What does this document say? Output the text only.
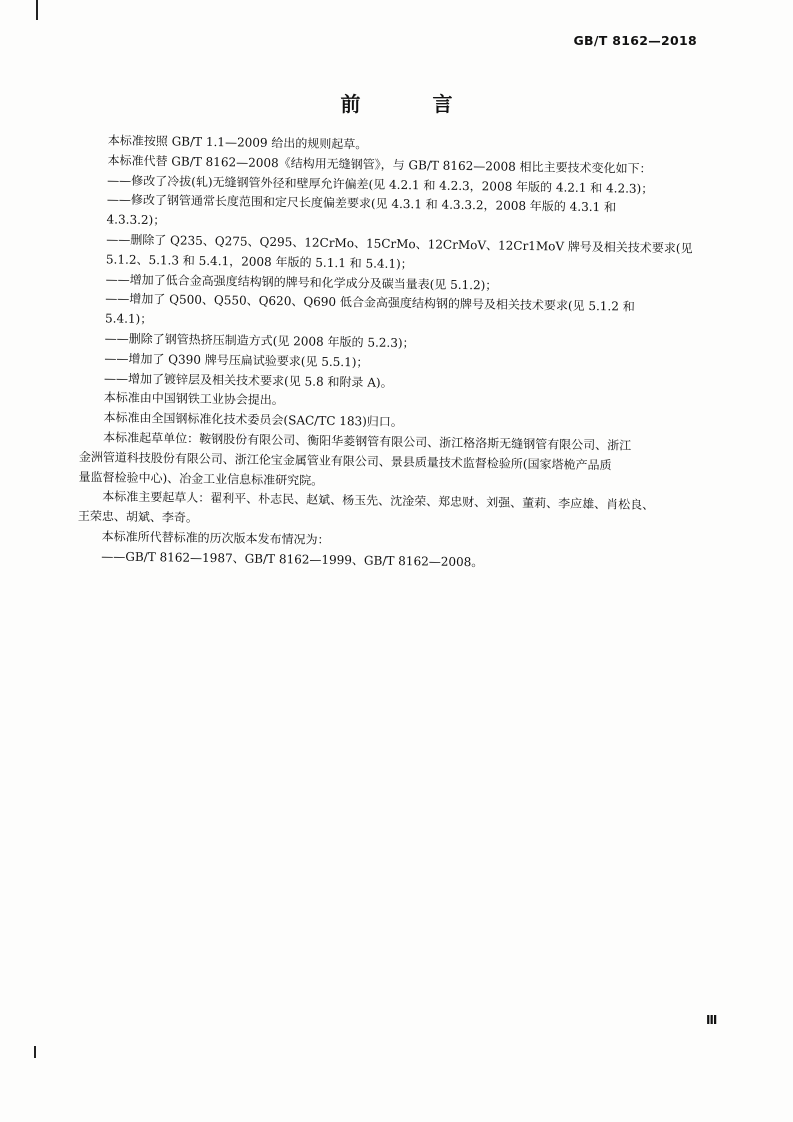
GB/T 8162—2018
前　言

本标准按照 GB/T 1.1—2009 给出的规则起草。

本标准代替 GB/T 8162—2008《结构用无缝钢管》，与 GB/T 8162—2008 相比主要技术变化如下：

——修改了冷拔(轧)无缝钢管外径和壁厚允许偏差(见 4.2.1 和 4.2.3，2008 年版的 4.2.1 和 4.2.3)；

——修改了钢管通常长度范围和定尺长度偏差要求(见 4.3.1 和 4.3.3.2，2008 年版的 4.3.1 和

4.3.3.2)；

——删除了 Q235、Q275、Q295、12CrMo、15CrMo、12CrMoV、12Cr1MoV 牌号及相关技术要求(见

5.1.2、5.1.3 和 5.4.1，2008 年版的 5.1.1 和 5.4.1)；

——增加了低合金高强度结构钢的牌号和化学成分及碳当量表(见 5.1.2)；

——增加了 Q500、Q550、Q620、Q690 低合金高强度结构钢的牌号及相关技术要求(见 5.1.2 和

5.4.1)；

——删除了钢管热挤压制造方式(见 2008 年版的 5.2.3)；

——增加了 Q390 牌号压扁试验要求(见 5.5.1)；

——增加了镀锌层及相关技术要求(见 5.8 和附录 A)。

本标准由中国钢铁工业协会提出。

本标准由全国钢标准化技术委员会(SAC/TC 183)归口。

本标准起草单位：鞍钢股份有限公司、衡阳华菱钢管有限公司、浙江格洛斯无缝钢管有限公司、浙江

金洲管道科技股份有限公司、浙江伦宝金属管业有限公司、景县质量技术监督检验所(国家塔桅产品质

量监督检验中心)、冶金工业信息标准研究院。

本标准主要起草人：翟利平、朴志民、赵斌、杨玉先、沈淦荣、郑忠财、刘强、董莉、李应雄、肖松良、

王荣忠、胡斌、李奇。

本标准所代替标准的历次版本发布情况为：

——GB/T 8162—1987、GB/T 8162—1999、GB/T 8162—2008。

Ⅲ
